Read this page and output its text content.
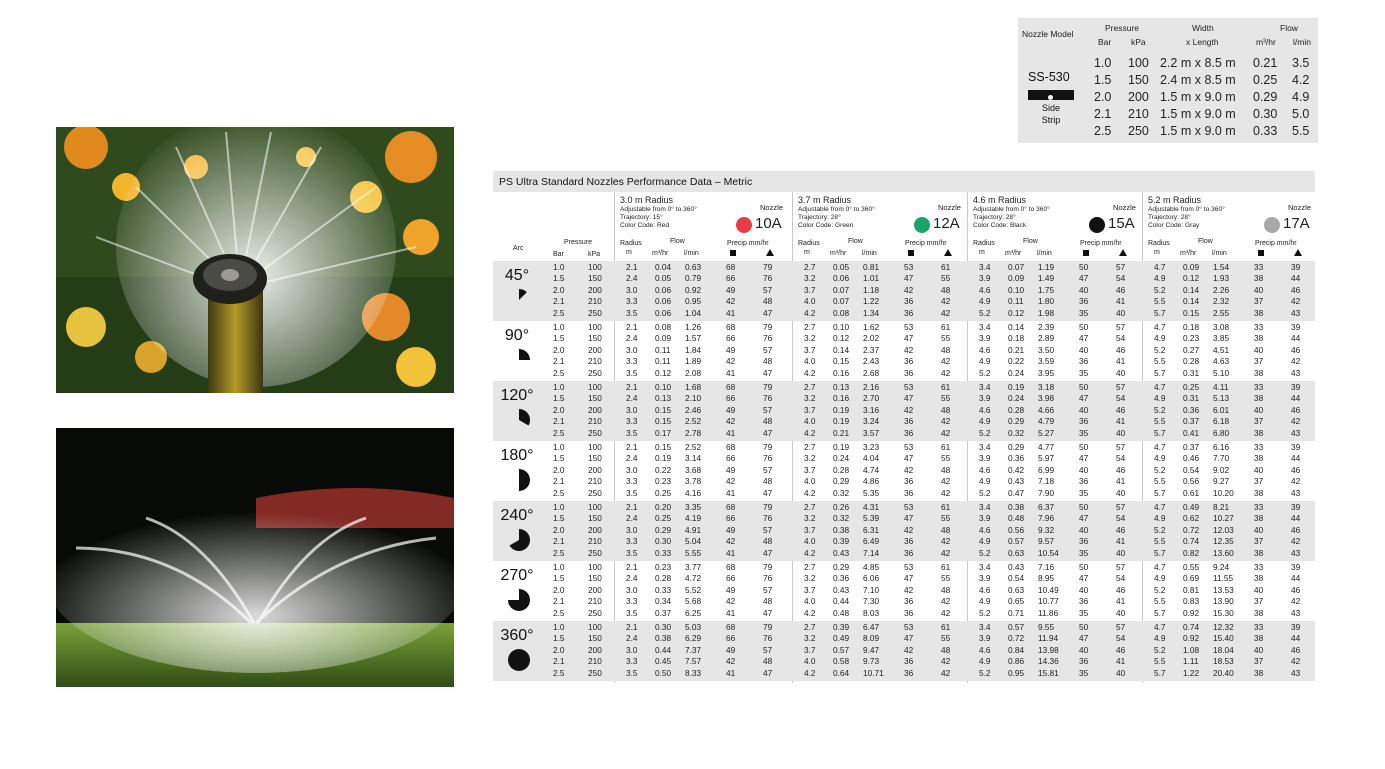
Nozzle Model
Pressure
Bar kPa
Width
x Length
Flow
m³/hr l/min
SS-530
Side
Strip
1.0 100 2.2 m x 8.5 m 0.21 3.5
1.5 150 2.4 m x 8.5 m 0.25 4.2
2.0 200 1.5 m x 9.0 m 0.29 4.9
2.1 210 1.5 m x 9.0 m 0.30 5.0
2.5 250 1.5 m x 9.0 m 0.33 5.5
PS Ultra Standard Nozzles Performance Data – Metric
Arc
Pressure
Bar	kPa
3.0 m Radius
Adjustable from 0° to 360°
Trajectory: 15°
Color Code: Red
Nozzle
10A
Radius
m
Flow
m³/hr l/min
Precip mm/hr
3.7 m Radius
Adjustable from 0° to 360°
Trajectory: 28°
Color Code: Green
Nozzle
12A
Radius
m
Flow
m³/hr l/min
Precip mm/hr
4.6 m Radius
Adjustable from 0° to 360°
Trajectory: 28°
Color Code: Black
Nozzle
15A
Radius
m
Flow
m³/hr l/min
Precip mm/hr
5.2 m Radius
Adjustable from 0° to 360°
Trajectory: 28°
Color Code: Gray
Nozzle
17A
Radius
m
Flow
m³/hr l/min
Precip mm/hr
45°	1.0	100	2.1 0.04 0.63	68	79	2.7 0.05 0.81	53	61	3.4 0.07 1.19	50	57	4.7 0.09 1.54	33	39
1.5	150	2.4 0.05 0.79	66	76	3.2 0.06 1.01	47	55	3.9 0.09 1.49	47	54	4.9 0.12 1.93	38	44
2.0	200	3.0 0.06 0.92	49	57	3.7 0.07 1.18	42	48	4.6 0.10 1.75	40	46	5.2 0.14 2.26	40	46
2.1	210	3.3 0.06 0.95	42	48	4.0 0.07 1.22	36	42	4.9 0.11 1.80	36	41	5.5 0.14 2.32	37	42
2.5	250	3.5 0.06 1.04	41	47	4.2 0.08 1.34	36	42	5.2 0.12 1.98	35	40	5.7 0.15 2.55	38	43
90°	1.0	100	2.1 0.08 1.26	68	79	2.7 0.10 1.62	53	61	3.4 0.14 2.39	50	57	4.7 0.18 3.08	33	39
1.5	150	2.4 0.09 1.57	66	76	3.2 0.12 2.02	47	55	3.9 0.18 2.89	47	54	4.9 0.23 3.85	38	44
2.0	200	3.0 0.11 1.84	49	57	3.7 0.14 2.37	42	48	4.6 0.21 3.50	40	46	5.2 0.27 4.51	40	46
2.1	210	3.3 0.11 1.89	42	48	4.0 0.15 2.43	36	42	4.9 0.22 3.59	36	41	5.5 0.28 4.63	37	42
2.5	250	3.5 0.12 2.08	41	47	4.2 0.16 2.68	36	42	5.2 0.24 3.95	35	40	5.7 0.31 5.10	38	43
120°	1.0	100	2.1 0.10 1.68	68	79	2.7 0.13 2.16	53	61	3.4 0.19 3.18	50	57	4.7 0.25 4.11	33	39
1.5	150	2.4 0.13 2.10	66	76	3.2 0.16 2.70	47	55	3.9 0.24 3.98	47	54	4.9 0.31 5.13	38	44
2.0	200	3.0 0.15 2.46	49	57	3.7 0.19 3.16	42	48	4.6 0.28 4.66	40	46	5.2 0.36 6.01	40	46
2.1	210	3.3 0.15 2.52	42	48	4.0 0.19 3.24	36	42	4.9 0.29 4.79	36	41	5.5 0.37 6.18	37	42
2.5	250	3.5 0.17 2.78	41	47	4.2 0.21 3.57	36	42	5.2 0.32 5.27	35	40	5.7 0.41 6.80	38	43
180°	1.0	100	2.1 0.15 2.52	68	79	2.7 0.19 3.23	53	61	3.4 0.29 4.77	50	57	4.7 0.37 6.16	33	39
1.5	150	2.4 0.19 3.14	66	76	3.2 0.24 4.04	47	55	3.9 0.36 5.97	47	54	4.9 0.46 7.70	38	44
2.0	200	3.0 0.22 3.68	49	57	3.7 0.28 4.74	42	48	4.6 0.42 6.99	40	46	5.2 0.54 9.02	40	46
2.1	210	3.3 0.23 3.78	42	48	4.0 0.29 4.86	36	42	4.9 0.43 7.18	36	41	5.5 0.56 9.27	37	42
2.5	250	3.5 0.25 4.16	41	47	4.2 0.32 5.35	36	42	5.2 0.47 7.90	35	40	5.7 0.61 10.20 38	43
240°	1.0	100	2.1 0.20 3.35	68	79	2.7 0.26 4.31	53	61	3.4 0.38 6.37	50	57	4.7 0.49 8.21	33	39
1.5	150	2.4 0.25 4.19	66	76	3.2 0.32 5.39	47	55	3.9 0.48 7.96	47	54	4.9 0.62 10.27 38	44
2.0	200	3.0 0.29 4.91	49	57	3.7 0.38 6.31	42	48	4.6 0.56 9.32	40	46	5.2 0.72 12.03 40	46
2.1	210	3.3 0.30 5.04	42	48	4.0 0.39 6.49	36	42	4.9 0.57 9.57	36	41	5.5 0.74 12.35 37	42
2.5	250	3.5 0.33 5.55	41	47	4.2 0.43 7.14	36	42	5.2 0.63 10.54 35	40	5.7 0.82 13.60 38	43
270°	1.0	100	2.1 0.23 3.77	68	79	2.7 0.29 4.85	53	61	3.4 0.43 7.16	50	57	4.7 0.55 9.24	33	39
1.5	150	2.4 0.28 4.72	66	76	3.2 0.36 6.06	47	55	3.9 0.54 8.95	47	54	4.9 0.69 11.55	38	44
2.0	200	3.0 0.33 5.52	49	57	3.7 0.43 7.10	42	48	4.6 0.63 10.49 40	46	5.2 0.81 13.53 40	46
2.1	210	3.3 0.34 5.68	42	48	4.0 0.44 7.30	36	42	4.9 0.65 10.77 36	41	5.5 0.83 13.90 37	42
2.5	250	3.5 0.37 6.25	41	47	4.2 0.48 8.03	36	42	5.2 0.71 11.86	35	40	5.7 0.92 15.30 38	43
360°	1.0	100	2.1 0.30 5.03	68	79	2.7 0.39 6.47	53	61	3.4 0.57 9.55	50	57	4.7 0.74 12.32 33	39
1.5	150	2.4 0.38 6.29	66	76	3.2 0.49 8.09	47	55	3.9 0.72 11.94	47	54	4.9 0.92 15.40 38	44
2.0	200	3.0 0.44 7.37	49	57	3.7 0.57 9.47	42	48	4.6 0.84 13.98 40	46	5.2 1.08 18.04 40	46
2.1	210	3.3 0.45 7.57	42	48	4.0 0.58 9.73	36	42	4.9 0.86 14.36 36	41	5.5 1.11 18.53 37	42
2.5	250	3.5 0.50 8.33	41	47	4.2 0.64 10.71 36	42	5.2 0.95 15.81 35	40	5.7 1.22 20.40 38	43
